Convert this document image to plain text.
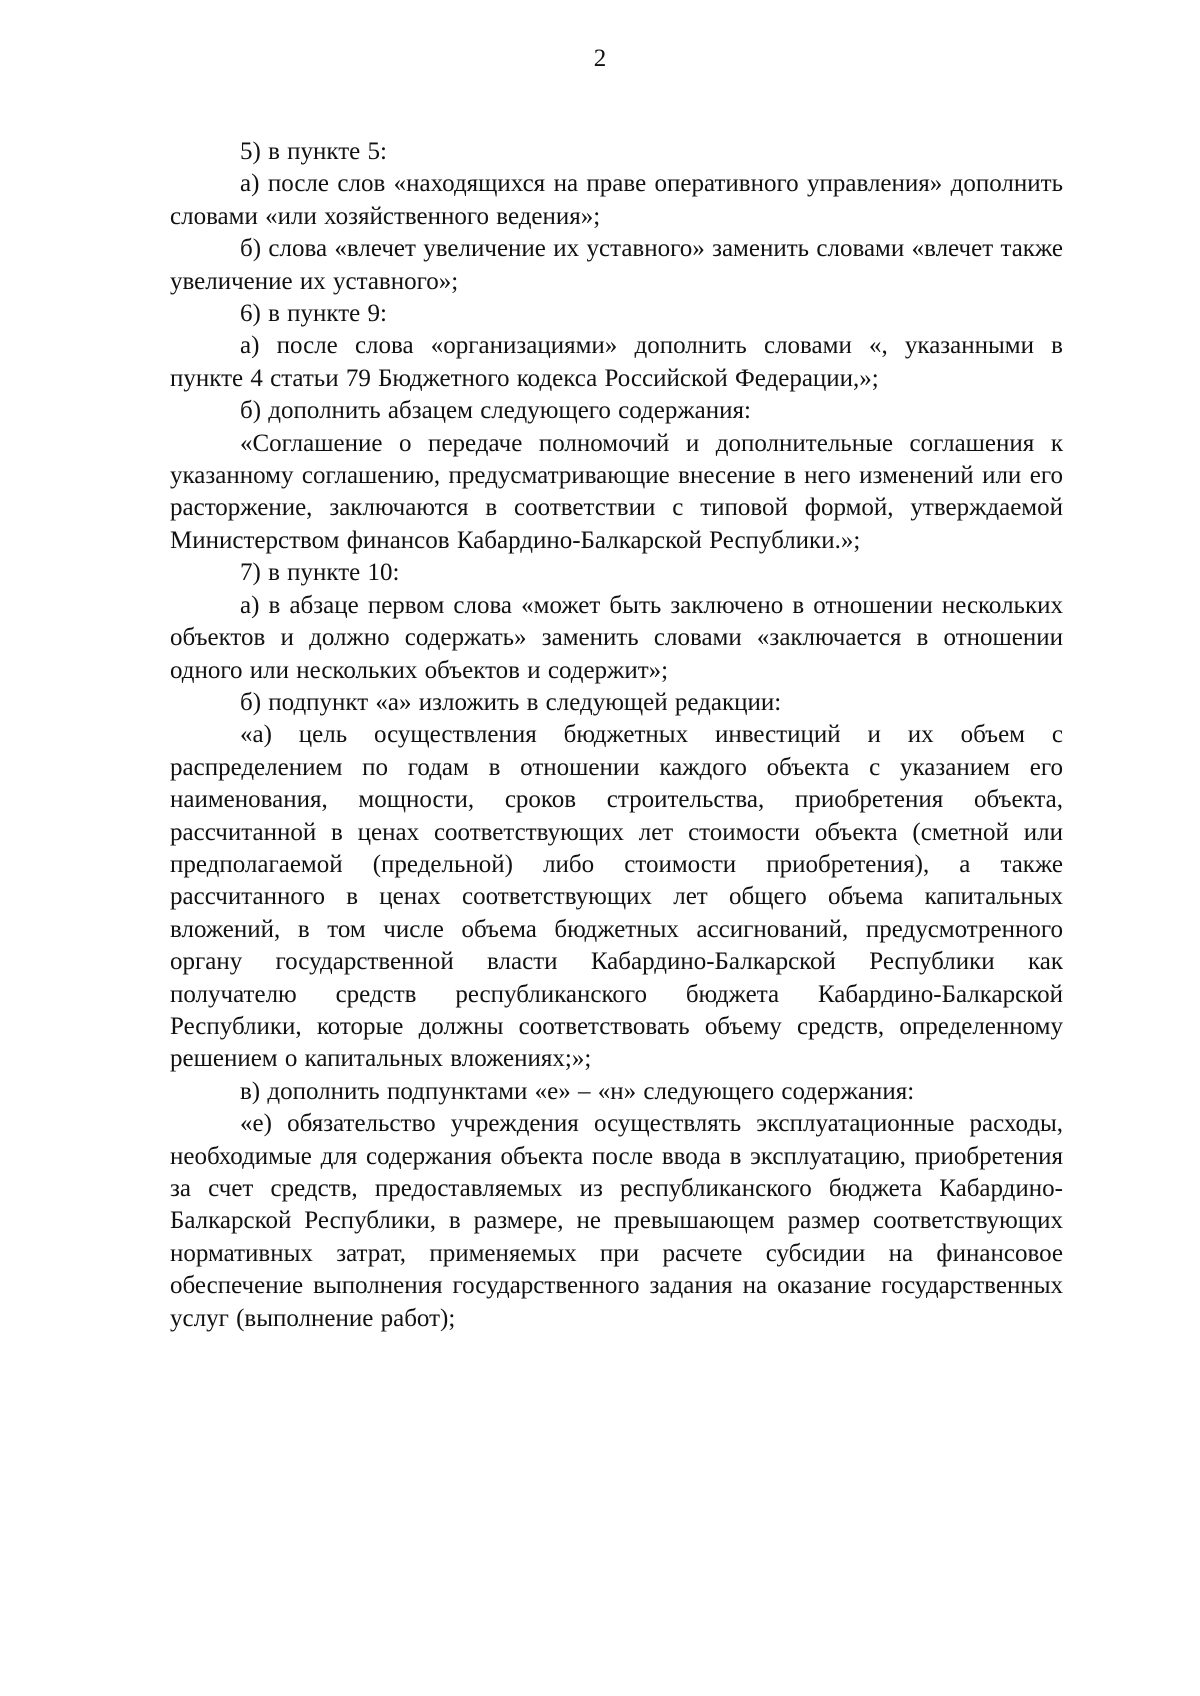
2

5) в пункте 5:

а) после слов «находящихся на праве оперативного управления» дополнить словами «или хозяйственного ведения»;

б) слова «влечет увеличение их уставного» заменить словами «влечет также увеличение их уставного»;

6) в пункте 9:

а) после слова «организациями» дополнить словами «, указанными в пункте 4 статьи 79 Бюджетного кодекса Российской Федерации,»;

б) дополнить абзацем следующего содержания:

«Соглашение о передаче полномочий и дополнительные соглашения к указанному соглашению, предусматривающие внесение в него изменений или его расторжение, заключаются в соответствии с типовой формой, утверждаемой Министерством финансов Кабардино-Балкарской Республики.»;

7) в пункте 10:

а) в абзаце первом слова «может быть заключено в отношении нескольких объектов и должно содержать» заменить словами «заключается в отношении одного или нескольких объектов и содержит»;

б) подпункт «а» изложить в следующей редакции:

«а) цель осуществления бюджетных инвестиций и их объем с распределением по годам в отношении каждого объекта с указанием его наименования, мощности, сроков строительства, приобретения объекта, рассчитанной в ценах соответствующих лет стоимости объекта (сметной или предполагаемой (предельной) либо стоимости приобретения), а также рассчитанного в ценах соответствующих лет общего объема капитальных вложений, в том числе объема бюджетных ассигнований, предусмотренного органу государственной власти Кабардино-Балкарской Республики как получателю средств республиканского бюджета Кабардино-Балкарской Республики, которые должны соответствовать объему средств, определенному решением о капитальных вложениях;»;

в) дополнить подпунктами «е» – «н» следующего содержания:

«е) обязательство учреждения осуществлять эксплуатационные расходы, необходимые для содержания объекта после ввода в эксплуатацию, приобретения за счет средств, предоставляемых из республиканского бюджета Кабардино-Балкарской Республики, в размере, не превышающем размер соответствующих нормативных затрат, применяемых при расчете субсидии на финансовое обеспечение выполнения государственного задания на оказание государственных услуг (выполнение работ);
